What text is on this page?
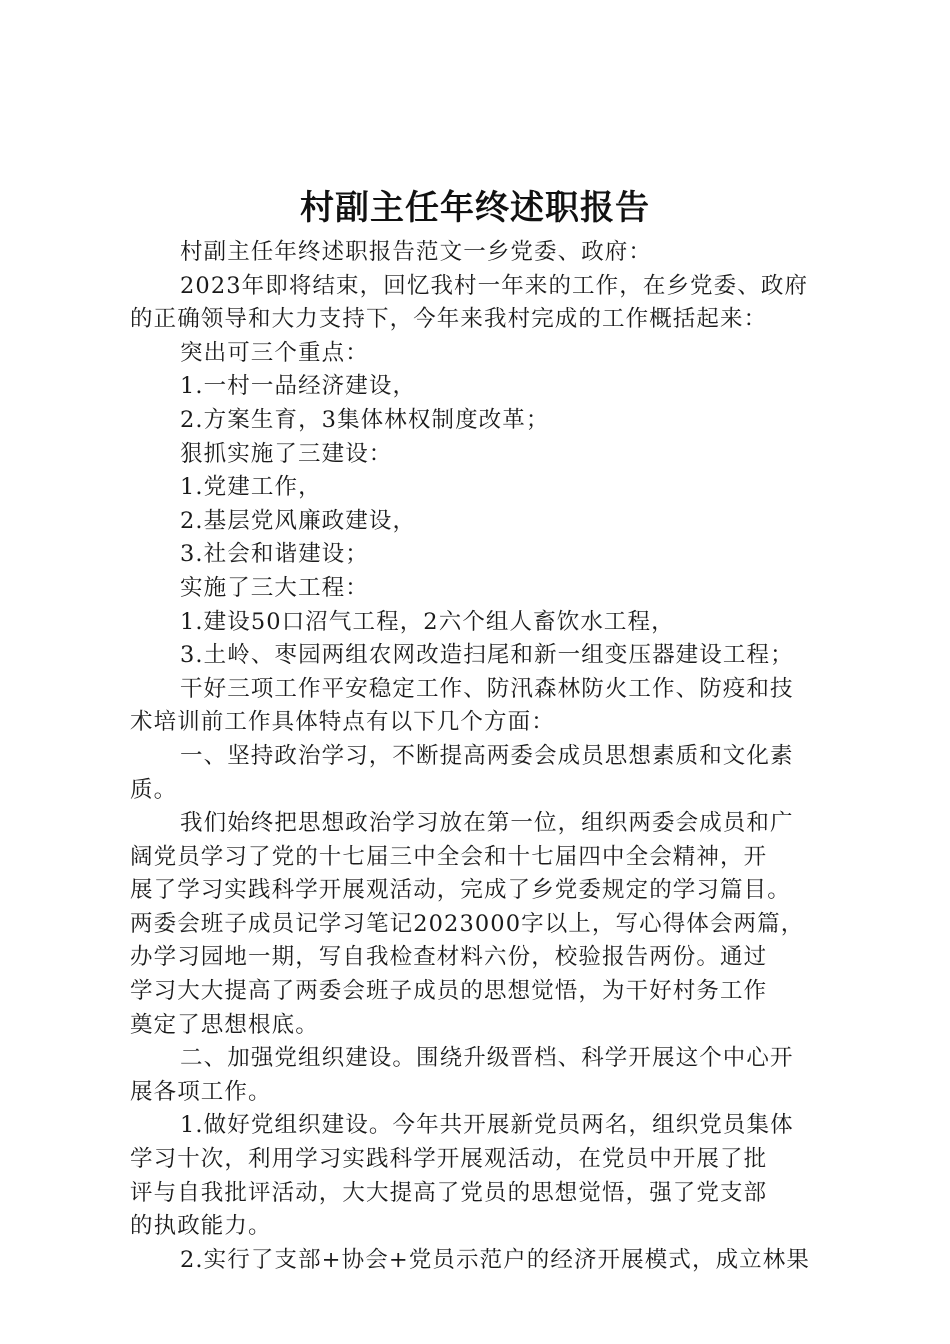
村副主任年终述职报告
村副主任年终述职报告范文一乡党委、政府：
2023年即将结束，回忆我村一年来的工作，在乡党委、政府
的正确领导和大力支持下，今年来我村完成的工作概括起来：
突出可三个重点：
1.一村一品经济建设，
2.方案生育，3集体林权制度改革；
狠抓实施了三建设：
1.党建工作，
2.基层党风廉政建设，
3.社会和谐建设；
实施了三大工程：
1.建设50口沼气工程，2六个组人畜饮水工程，
3.土岭、枣园两组农网改造扫尾和新一组变压器建设工程；
干好三项工作平安稳定工作、防汛森林防火工作、防疫和技
术培训前工作具体特点有以下几个方面：
一、坚持政治学习，不断提高两委会成员思想素质和文化素
质。
我们始终把思想政治学习放在第一位，组织两委会成员和广
阔党员学习了党的十七届三中全会和十七届四中全会精神，开
展了学习实践科学开展观活动，完成了乡党委规定的学习篇目。
两委会班子成员记学习笔记2023000字以上，写心得体会两篇，
办学习园地一期，写自我检查材料六份，校验报告两份。通过
学习大大提高了两委会班子成员的思想觉悟，为干好村务工作
奠定了思想根底。
二、加强党组织建设。围绕升级晋档、科学开展这个中心开
展各项工作。
1.做好党组织建设。今年共开展新党员两名，组织党员集体
学习十次，利用学习实践科学开展观活动，在党员中开展了批
评与自我批评活动，大大提高了党员的思想觉悟，强了党支部
的执政能力。
2.实行了支部+协会+党员示范户的经济开展模式，成立林果
